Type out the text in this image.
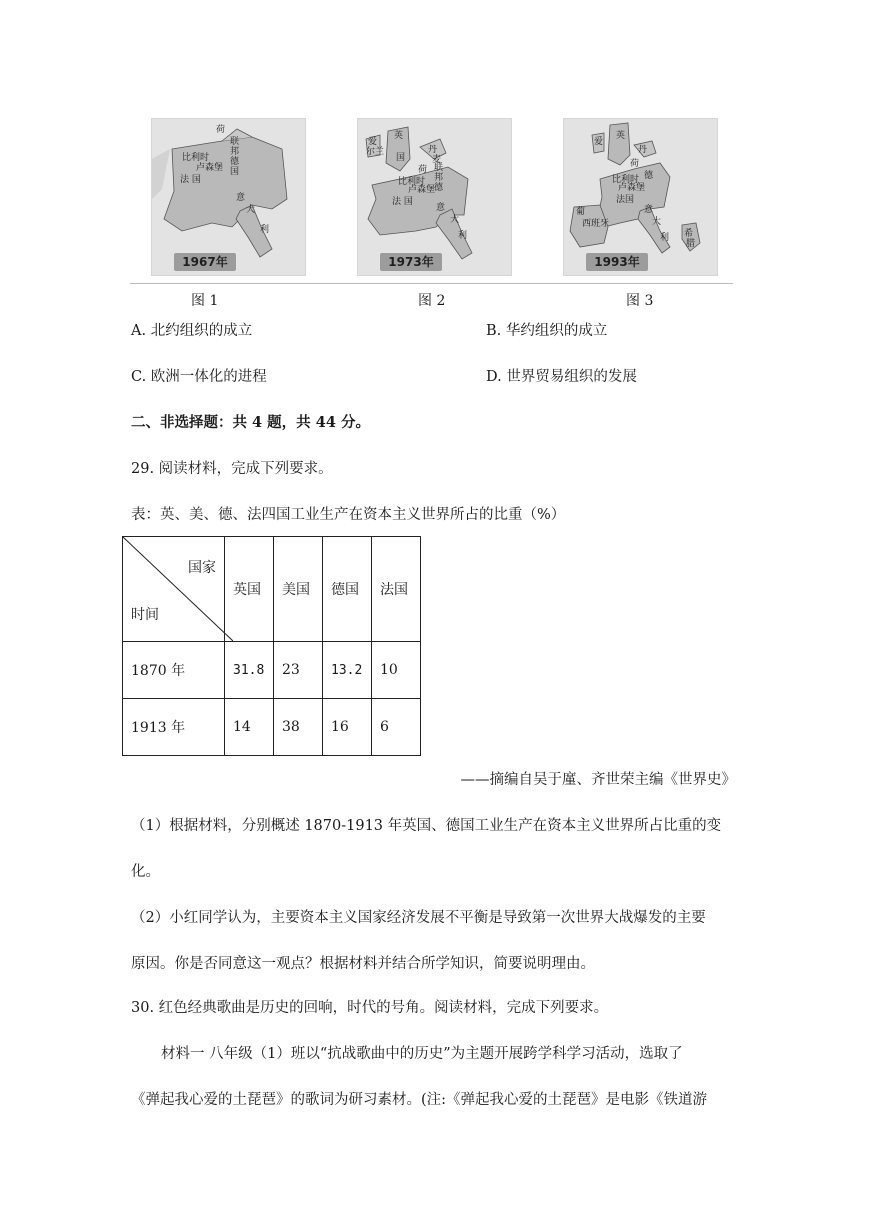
荷
联
邦
德
国
比利时
卢森堡
法 国
意
大
利
1967年
爱
尔兰
英
国
丹
麦
荷 联
邦
德
比利时
卢森堡
法 国
意
大
利
1973年
爱
英
丹
荷
德
比利时
卢森堡
法国
葡
西班牙
意
大
利 希
腊
1993年
图 1	图 2	图 3
A. 北约组织的成立	B. 华约组织的成立
C. 欧洲一体化的进程	D. 世界贸易组织的发展
二、非选择题：共 4 题，共 44 分。
29. 阅读材料，完成下列要求。
表：英、美、德、法四国工业生产在资本主义世界所占的比重（%）
国家
时间	英国	美国	德国	法国
1870 年	31.8	23	13.2	10
1913 年	14	38	16	6
——摘编自吴于廑、齐世荣主编《世界史》
（1）根据材料，分别概述 1870-1913 年英国、德国工业生产在资本主义世界所占比重的变
化。
（2）小红同学认为，主要资本主义国家经济发展不平衡是导致第一次世界大战爆发的主要
原因。你是否同意这一观点？根据材料并结合所学知识，简要说明理由。
30. 红色经典歌曲是历史的回响，时代的号角。阅读材料，完成下列要求。
材料一 八年级（1）班以“抗战歌曲中的历史”为主题开展跨学科学习活动，选取了
《弹起我心爱的土琵琶》的歌词为研习素材。(注:《弹起我心爱的土琵琶》是电影《铁道游
